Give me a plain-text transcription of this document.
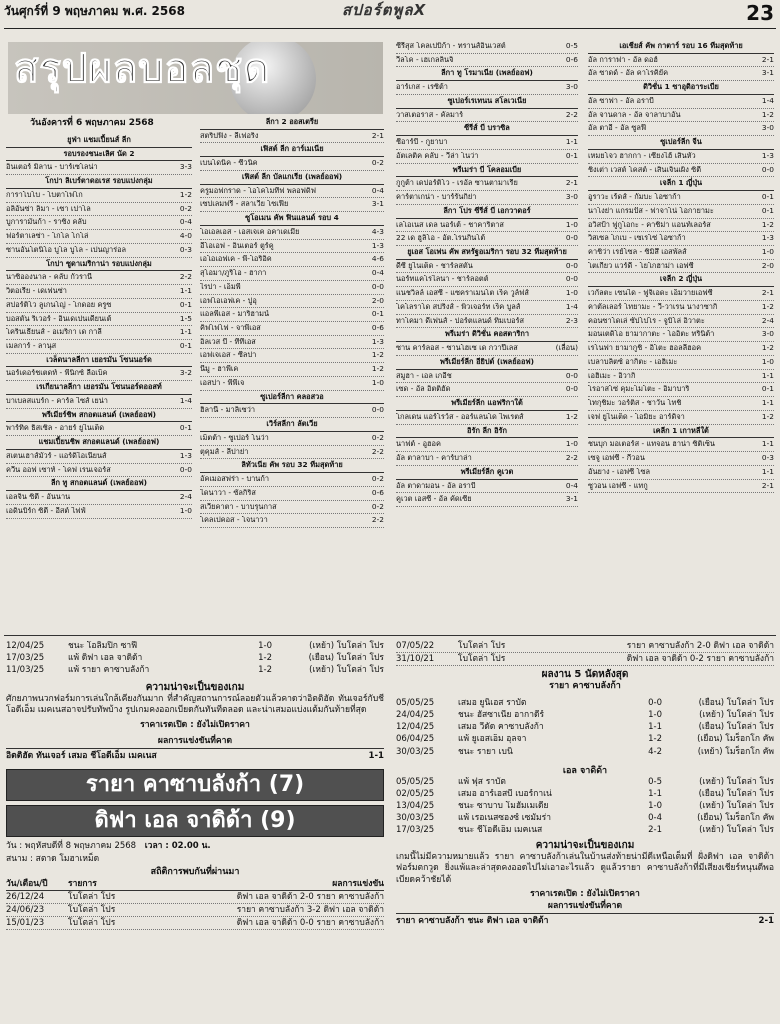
วันศุกร์ที่ 9 พฤษภาคม พ.ศ. 2568	สปอร์ตพูลX	23
สรุปผลบอลชุด
วันอังคารที่ 6 พฤษภาคม 2568
ยูฟ่า แชมเปี้ยนส์ ลีก
รอบรองชนะเลิศ นัด 2
อินเตอร์ มิลาน - บาร์เซโลน่า	3-3
โกปา ลิเบร์ตาดอเรส รอบแบ่งกลุ่ม
การาโบโบ - โบตาโฟโก	1-2
อลิอันซ่า ลิมา - เซา เปาโล	0-2
บูการามันก้า - ราซิ่ง คลับ	0-4
ฟอร์ตาเลซ่า - โกโล โกโล่	4-0
ซานอันโตนิโอ บูโล บูโล - เปนญาร่อล	0-3
โกปา ซูดาเมริกาน่า รอบแบ่งกลุ่ม
นาซิอองนาล - คลับ กัวรานี	2-2
วิตอเรีย - เดเฟนซ่า	1-1
สปอร์ติโว ลูเกนโญ่ - โกดอย ครูซ	0-1
บอสตัน ริเวอร์ - อินเดเปนเดียนเต้	1-5
โครินเธียนส์ - อเมริกา เด กาลี	1-1
เมลการ์ - ลานุส	0-1
เวล็ดนาลลีกา เยอรมัน โซนนอร์ด
นอร์เดอร์ชเตดท์ - พีนิกซ์ ลือเบ็ค	3-2
เรเกียนาลลีกา เยอรมัน โซนนอร์ดออสท์
บาเบลสแบร์ก - คาร์ล ไซส์ เยน่า	1-4
พรีเมียร์ชิพ สกอตแลนด์ (เพลย์ออฟ)
พาร์ทิค ธิสเซิล - อายร์ ยูไนเต็ด	0-1
แชมเปี้ยนชิพ สกอตแลนด์ (เพลย์ออฟ)
สเตนเฮาส์มัวร์ - แอร์ดิไอเนียนส์	1-3
ควีน ออฟ เซาท์ - โคฟ เรนเจอร์ส	0-0
ลีก ทู สกอตแลนด์ (เพลย์ออฟ)
เอลจิน ซิตี้ - อันนาน	2-4
เอดินบิร์ก ซิตี้ - อีสต์ ไฟฟ์	1-0
ลีกา 2 ออสเตรีย
สตริปฟิง - ลีเฟอริ่ง	2-1
เฟิสต์ ลีก อาร์เมเนีย
เบนโดนิค - ซีวนิค	0-2
เฟิสต์ ลีก บัลแกเรีย (เพลย์ออฟ)
ครูมอฟกราด - โอโคโมทีฟ พลอฟดิฟ	0-4
เซปเลมฟรี่ - สลาเวีย โซเฟีย	3-1
ซูโอเมน คัพ ฟินแลนด์ รอบ 4
โอเอลเอส - เอสเจเค อคาเดเมีย	4-3
อีโอเอฟ - อินเตอร์ ตูร์คู	1-3
เอโอเอฟเค - พี-โอริอิค	4-6
สุโอมา/ภูริโอ - ฮากา	0-4
ไรปา - เอ็มพี	0-0
เอฟโอเอฟเค - ปูอุ	2-0
แอลพีเอส - มาริฮามน์	0-1
คิฟโฟโฟ - จาพีเอส	0-6
อิลเวส บี - ที่ทีเอส	1-3
เอฟเจเอส - ซีลปา	1-2
นีมู - ฮาพีเค	1-2
เอสปา - พีพีเจ	1-0
ซูเปอร์ลีกา คลอสวอ
ฮิลานี่ - มาลิเซว่า	0-0
เวิร์สลีกา ลัตเวีย
เม็ตต้า - ซูเปอร์ โนว่า	0-2
ตุคุมส์ - ลีปาย่า	2-2
ลิทัวเนีย คัพ รอบ 32 ทีมสุดท้าย
อัคเมอสฟร่า - บานก้า	0-2
ไดนาวา - ซัลกิริส	0-6
สเวียคาตา - บาบรุนกาส	0-2
โคลเปคอส - โจนาวา	2-2
ซีรีสุส โคลเปบิก้า - ทรานส์อินเวสต์	0-5
วีลโค - เฮเกลลินจิ	0-6
ลีกา ทู โรมาเนีย (เพลย์ออฟ)
อาร์เกส - เรซิต้า	3-0
ซูเปอร์เรเทนน สโลเวเนีย
วาสเตอราส - คัลมาร์	2-2
ซีรีส์ บี บราซิล
ชีอาร์บี - กูยาบา	1-1
อัตเลติค คลับ - วีล่า โนว่า	0-1
พรีเมร่า บี โคลอมเบีย
กูกูต้า เดปอร์ติโว - เรอัล ซานตามาเรีย	2-1
คาร์ตาเกน่า - บาร์รันกิย่า	3-0
ลีกา โปร ซีรีส์ บี เอกวาดอร์
เลโอเนส เดล นอร์เต้ - ชาคาริตาส	1-0
22 เด ฮูลิโอ - อัต.โรนกินโต้	0-0
ยูเอส โอเพ่น คัพ สหรัฐอเมริกา รอบ 32 ทีมสุดท้าย
ดีซี ยูไนเต็ด - ชาร์ลสตัน	0-0
นอร์ทแคโรไลนา - ชาร์ลอตต์	0-0
แนชวิลล์ เอสซี - แซคราเมนโต เร็ค วูล์ฟส์	1-0
โคโลราโด สปริงส์ - พิวเจอร์ท เร็ค บูลส์	1-4
ทาโคมา ดีเฟนส์ - ปอร์ตแลนด์ ทิมเบอร์ส	2-3
พรีเมร่า ดิวิชั่น คอสตาริกา
ซาน คาร์ลอส - ซานโฮเซ เด กวาปีเลส	(เลื่อน)
พรีเมียร์ลีก อียิปต์ (เพลย์ออฟ)
สมูฮา - เอล เกอีช	0-0
เซด - อัล อิตติฮัด	0-0
พรีเมียร์ลีก แอฟริกาใต้
โกลเดน แอร์โรว์ส - ออร์แลนโด ไพเรตส์	1-2
อิรัก ลีก อิรัก
นาฟต์ - อูฮอค	1-0
อัล ตาลาบา - คาร์บาล่า	2-2
พรีเมียร์ลีก คูเวต
อัล ตาดามอน - อัล อราบี	0-4
คูเวต เอสซี - อัล คัดเซีย	3-1
เอเชียส์ คัพ กาตาร์ รอบ 16 ทีมสุดท้าย
อัล การาฟา - อัล ดอฮ์	2-1
อัล ซาดด์ - อัล คาโรคิยัค	3-1
ดิวิชั่น 1 ซาอุดิอาระเบีย
อัล ซาฟา - อัล อราบี	1-4
อัล จานดาล - อัล จาลาบาอัน	1-2
อัล ตาอี - อัล ซูลฟี	3-0
ซูเปอร์ลีก จีน
เหมยโจว ฮากกา - เซี่ยงไฮ้ เสินหัว	1-3
ชิงเต่า เวสต์ โคสต์ - เสินเจิ้นเผิง ซิตี้	0-0
เจลีก 1 ญี่ปุ่น
อูราวะ เร้ดส์ - กัมบะ โอซาก้า	0-1
นาโงย่า แกรมปัส - ฟาจาโน่ โอกายามะ	0-1
อวิสป้า ฟูกูโอกะ - คาชิม่า แอนท์เลอร์ส	1-2
วิสเซล โกเบ - เซเรโซ่ โอซาก้า	1-3
คาชิว่า เรย์โซล - ซิมิสึ เอสพัลส์	1-0
โตเกียว แวร์ดี้ - โยโกฮาม่า เอฟซี	2-0
เจลีก 2 ญี่ปุ่น
เวกัลตะ เซนได - ฟูจิเอดะ เอ็มวายเอฟซี	2-1
คาตัลเลอร์ โทยามะ - วี-วาเรน นางาซากิ	1-2
คอนซาโดเล่ ซัปโปโร - จูบิโล่ อิวาตะ	2-4
มอนเตดิโอ ยามากาตะ - โออิตะ ทรินิต้า	3-0
เรโนฟา ยามากูชิ - อิโตะ ฮอลลี่ฮอค	1-2
เบลาบลิตซ์ อากิตะ - เอฮิเมะ	1-0
เอฮิเมะ - อิวากิ	1-1
โรอาสโซ่ คุมะโมโตะ - อิมาบาริ	0-1
โทกุชิมะ วอร์ติส - ชาวัน โทชิ	1-1
เจฟ ยูไนเต็ด - โอมิยะ อาร์ดิจา	1-2
เคลีก 1 เกาหลีใต้
ชนบุก มอเตอร์ส - แทจอน ฮาน่า ซิติเซ็น	1-1
เซจู เอฟซี - กีวอน	0-3
อันยาง - เอฟซี โซล	1-1
ซูวอน เอฟซี - แทกู	2-1
12/04/25	ชนะ โอลิมปิก ซาฟี	1-0	(เหย้า) โบโตล่า โปร
17/03/25	แพ้ ดิฟา เอล จาดิด้า	1-2	(เยือน) โบโตล่า โปร
11/03/25	แพ้ รายา คาซาบลังก้า	1-2	(เหย้า) โบโตล่า โปร
ความน่าจะเป็นของเกม
ศักยภาพนวกฟอร์มการเล่นใกล้เคียงกันมาก ที่สำคัญสถานการณ์ลอยตัวแล้วคาดว่าอิตติฮัด ทันเจอร์กับชีโอดีเอ็ม เมคเนสอาจปรับทัพบ้าง รูปเกมคงออกเบียดกันทันทีตลอด และน่าเสมอแบ่งแต้มกันท้ายที่สุด
ราคาเรตเปิด : ยังไม่เปิดราคา
ผลการแข่งขันที่คาด
อิตติฮัด ทันเจอร์ เสมอ ชีโอดีเอ็ม เมคเนส	1-1
รายา คาซาบลังก้า (7)
ดิฟา เอล จาดิด้า (9)
วัน : พฤหัสบดีที่ 8 พฤษภาคม 2568 เวลา : 02.00 น.
สนาม : สตาด โมฮาเหม็ด
สถิติการพบกันที่ผ่านมา
วัน/เดือน/ปี	รายการ	ผลการแข่งขัน
26/12/24	โบโตล่า โปร	ดิฟา เอล จาดิด้า 2-0 รายา คาซาบลังก้า
24/06/23	โบโตล่า โปร	รายา คาซาบลังก้า 3-2 ดิฟา เอล จาดิด้า
15/01/23	โบโตล่า โปร	ดิฟา เอล จาดิด้า 0-0 รายา คาซาบลังก้า
07/05/22	โบโตล่า โปร	รายา คาซาบลังก้า 2-0 ดิฟา เอล จาดิด้า
31/10/21	โบโตล่า โปร	ดิฟา เอล จาดิด้า 0-2 รายา คาซาบลังก้า
ผลงาน 5 นัดหลังสุด
รายา คาซาบลังก้า
05/05/25	เสมอ ยูนิเอส ราบัต	0-0	(เยือน) โบโตล่า โปร
24/04/25	ชนะ ฮัสซาเนีย อากาดีร์	1-0	(เหย้า) โบโตล่า โปร
12/04/25	เสมอ วีดัด คาซาบลังก้า	1-1	(เยือน) โบโตล่า โปร
06/04/25	แพ้ ยูเอสเอ็ม อุลจา	1-2	(เยือน) โมร็อกโก คัพ
30/03/25	ชนะ รายา เบนิ	4-2	(เหย้า) โมร็อกโก คัพ
เอล จาดิด้า
05/05/25	แพ้ ฟุส ราบัต	0-5	(เหย้า) โบโตล่า โปร
02/05/25	เสมอ อาร์เอสบี เบอร์กาเน่	1-1	(เยือน) โบโตล่า โปร
13/04/25	ชนะ ซาบาบ โมฮัมเมเดีย	1-0	(เหย้า) โบโตล่า โปร
30/03/25	แพ้ เรอเนสซองซ์ เซมัมร่า	0-4	(เยือน) โมร็อกโก คัพ
17/03/25	ชนะ ชีโอดีเอ็ม เมคเนส	2-1	(เหย้า) โบโตล่า โปร
ความน่าจะเป็นของเกม
เกมนี้ไม่มีความหมายแล้ว รายา คาซาบลังก้าเล่นในบ้านส่งท้ายน่ามีดีเหนือเต็มที่ ฝั่งดิฟา เอล จาดิด้าฟอร์มตกวูด ยิ่งแพ้และล่าสุดคงออดไปไม่เอาอะไรแล้ว ดูแล้วรายา คาซาบลังก้าที่มีเสียงเชียร์หนุนดีพอเบียดคว้าชัยได้
ราคาเรตเปิด : ยังไม่เปิดราคา
ผลการแข่งขันที่คาด
รายา คาซาบลังก้า ชนะ ดิฟา เอล จาดิด้า	2-1
